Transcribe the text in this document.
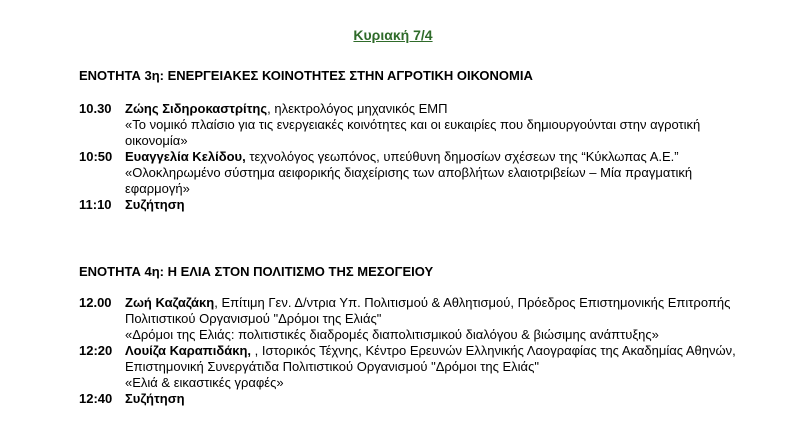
Κυριακή 7/4
ΕΝΟΤΗΤΑ 3η: ΕΝΕΡΓΕΙΑΚΕΣ ΚΟΙΝΟΤΗΤΕΣ ΣΤΗΝ ΑΓΡΟΤΙΚΗ ΟΙΚΟΝΟΜΙΑ
10.30	Ζώης Σιδηροκαστρίτης, ηλεκτρολόγος μηχανικός ΕΜΠ
«Το νομικό πλαίσιο για τις ενεργειακές κοινότητες και οι ευκαιρίες που δημιουργούνται στην αγροτική οικονομία»
10:50 Ευαγγελία Κελίδου, τεχνολόγος γεωπόνος, υπεύθυνη δημοσίων σχέσεων της “Κύκλωπας Α.Ε.”
«Ολοκληρωμένο σύστημα αειφορικής διαχείρισης των αποβλήτων ελαιοτριβείων – Μία πραγματική εφαρμογή»
11:10	Συζήτηση
ΕΝΟΤΗΤΑ 4η: Η ΕΛΙΑ ΣΤΟΝ ΠΟΛΙΤΙΣΜΟ ΤΗΣ ΜΕΣΟΓΕΙΟΥ
12.00	Ζωή Καζαζάκη, Επίτιμη Γεν. Δ/ντρια Υπ. Πολιτισμού & Αθλητισμού, Πρόεδρος Επιστημονικής Επιτροπής Πολιτιστικού Οργανισμού "Δρόμοι της Ελιάς"
«Δρόμοι της Ελιάς: πολιτιστικές διαδρομές διαπολιτισμικού διαλόγου & βιώσιμης ανάπτυξης»
12:20 Λουίζα Καραπιδάκη, , Ιστορικός Τέχνης, Κέντρο Ερευνών Ελληνικής Λαογραφίας της Ακαδημίας Αθηνών, Επιστημονική Συνεργάτιδα Πολιτιστικού Οργανισμού "Δρόμοι της Ελιάς"
«Ελιά & εικαστικές γραφές»
12:40 Συζήτηση
